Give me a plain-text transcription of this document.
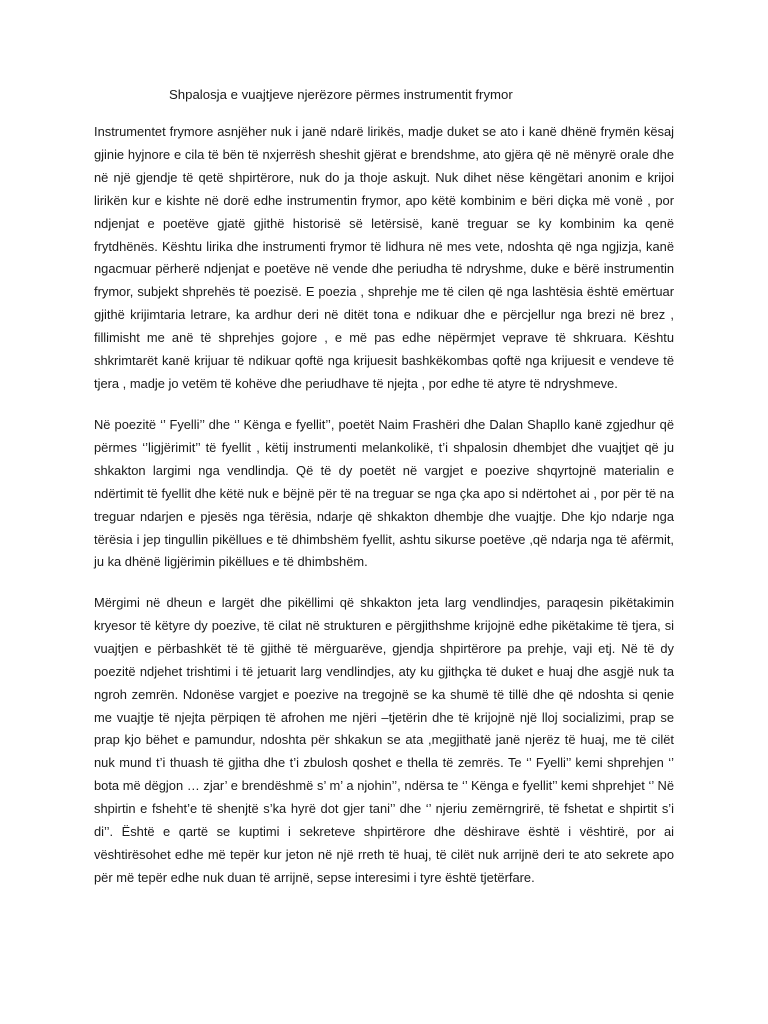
Shpalosja e vuajtjeve njerëzore përmes instrumentit frymor

Instrumentet frymore asnjëher nuk i janë ndarë lirikës, madje duket se ato i kanë dhënë frymën kësaj gjinie hyjnore e cila të bën të nxjerrësh sheshit gjërat e brendshme, ato gjëra që në mënyrë orale dhe në një gjendje të qetë shpirtërore, nuk do ja thoje askujt. Nuk dihet nëse këngëtari anonim e krijoi lirikën kur e kishte në dorë edhe instrumentin frymor, apo këtë kombinim e bëri diçka më vonë , por ndjenjat e poetëve gjatë gjithë historisë së letërsisë, kanë treguar se ky kombinim ka qenë frytdhënës. Kështu lirika dhe instrumenti frymor të lidhura në mes vete, ndoshta që nga ngjizja, kanë ngacmuar përherë ndjenjat e poetëve në vende dhe periudha të ndryshme, duke e bërë instrumentin frymor, subjekt shprehës të poezisë. E poezia , shprehje me të cilen që nga lashtësia është emërtuar gjithë krijimtaria letrare, ka ardhur deri në ditët tona e ndikuar dhe e përcjellur nga brezi në brez , fillimisht me anë të shprehjes gojore , e më pas edhe nëpërmjet veprave të shkruara. Kështu shkrimtarët kanë krijuar të ndikuar qoftë nga krijuesit bashkëkombas qoftë nga krijuesit e vendeve të tjera , madje jo vetëm të kohëve dhe periudhave të njejta , por edhe të atyre të ndryshmeve.

Në poezitë ‘’ Fyelli’’ dhe ‘’ Kënga e fyellit’’, poetët Naim Frashëri dhe Dalan Shapllo kanë zgjedhur që përmes ‘’ligjërimit’’ të fyellit , këtij instrumenti melankolikë, t’i shpalosin dhembjet dhe vuajtjet që ju shkakton largimi nga vendlindja. Që të dy poetët në vargjet e poezive shqyrtojnë materialin e ndërtimit të fyellit dhe këtë nuk e bëjnë për të na treguar se nga çka apo si ndërtohet ai , por për të na treguar ndarjen e pjesës nga tërësia, ndarje që shkakton dhembje dhe vuajtje. Dhe kjo ndarje nga tërësia i jep tingullin pikëllues e të dhimbshëm fyellit, ashtu sikurse poetëve ,që ndarja nga të afërmit, ju ka dhënë ligjërimin pikëllues e të dhimbshëm.

Mërgimi në dheun e largët dhe pikëllimi që shkakton jeta larg vendlindjes, paraqesin pikëtakimin kryesor të këtyre dy poezive, të cilat në strukturen e përgjithshme krijojnë edhe pikëtakime të tjera, si vuajtjen e përbashkët të të gjithë të mërguarëve, gjendja shpirtërore pa prehje, vaji etj. Në të dy poezitë ndjehet trishtimi i të jetuarit larg vendlindjes, aty ku gjithçka të duket e huaj dhe asgjë nuk ta ngroh zemrën. Ndonëse vargjet e poezive na tregojnë se ka shumë të tillë dhe që ndoshta si qenie me vuajtje të njejta përpiqen të afrohen me njëri –tjetërin dhe të krijojnë një lloj socializimi, prap se prap kjo bëhet e pamundur, ndoshta për shkakun se ata ,megjithatë janë njerëz të huaj, me të cilët nuk mund t’i thuash të gjitha dhe t’i zbulosh qoshet e thella të zemrës. Te ‘’ Fyelli’’ kemi shprehjen ‘’ bota më dëgjon … zjar’ e brendëshmë s’ m’ a njohin’’, ndërsa te ‘’ Kënga e fyellit’’ kemi shprehjet ‘’ Në shpirtin e fsheht’e të shenjtë s’ka hyrë dot gjer tani’’ dhe ‘’ njeriu zemërngrirë, të fshetat e shpirtit s’i di’’. Është e qartë se kuptimi i sekreteve shpirtërore dhe dëshirave është i vështirë, por ai vështirësohet edhe më tepër kur jeton në një rreth të huaj, të cilët nuk arrijnë deri te ato sekrete apo për më tepër edhe nuk duan të arrijnë, sepse interesimi i tyre është tjetërfare.
